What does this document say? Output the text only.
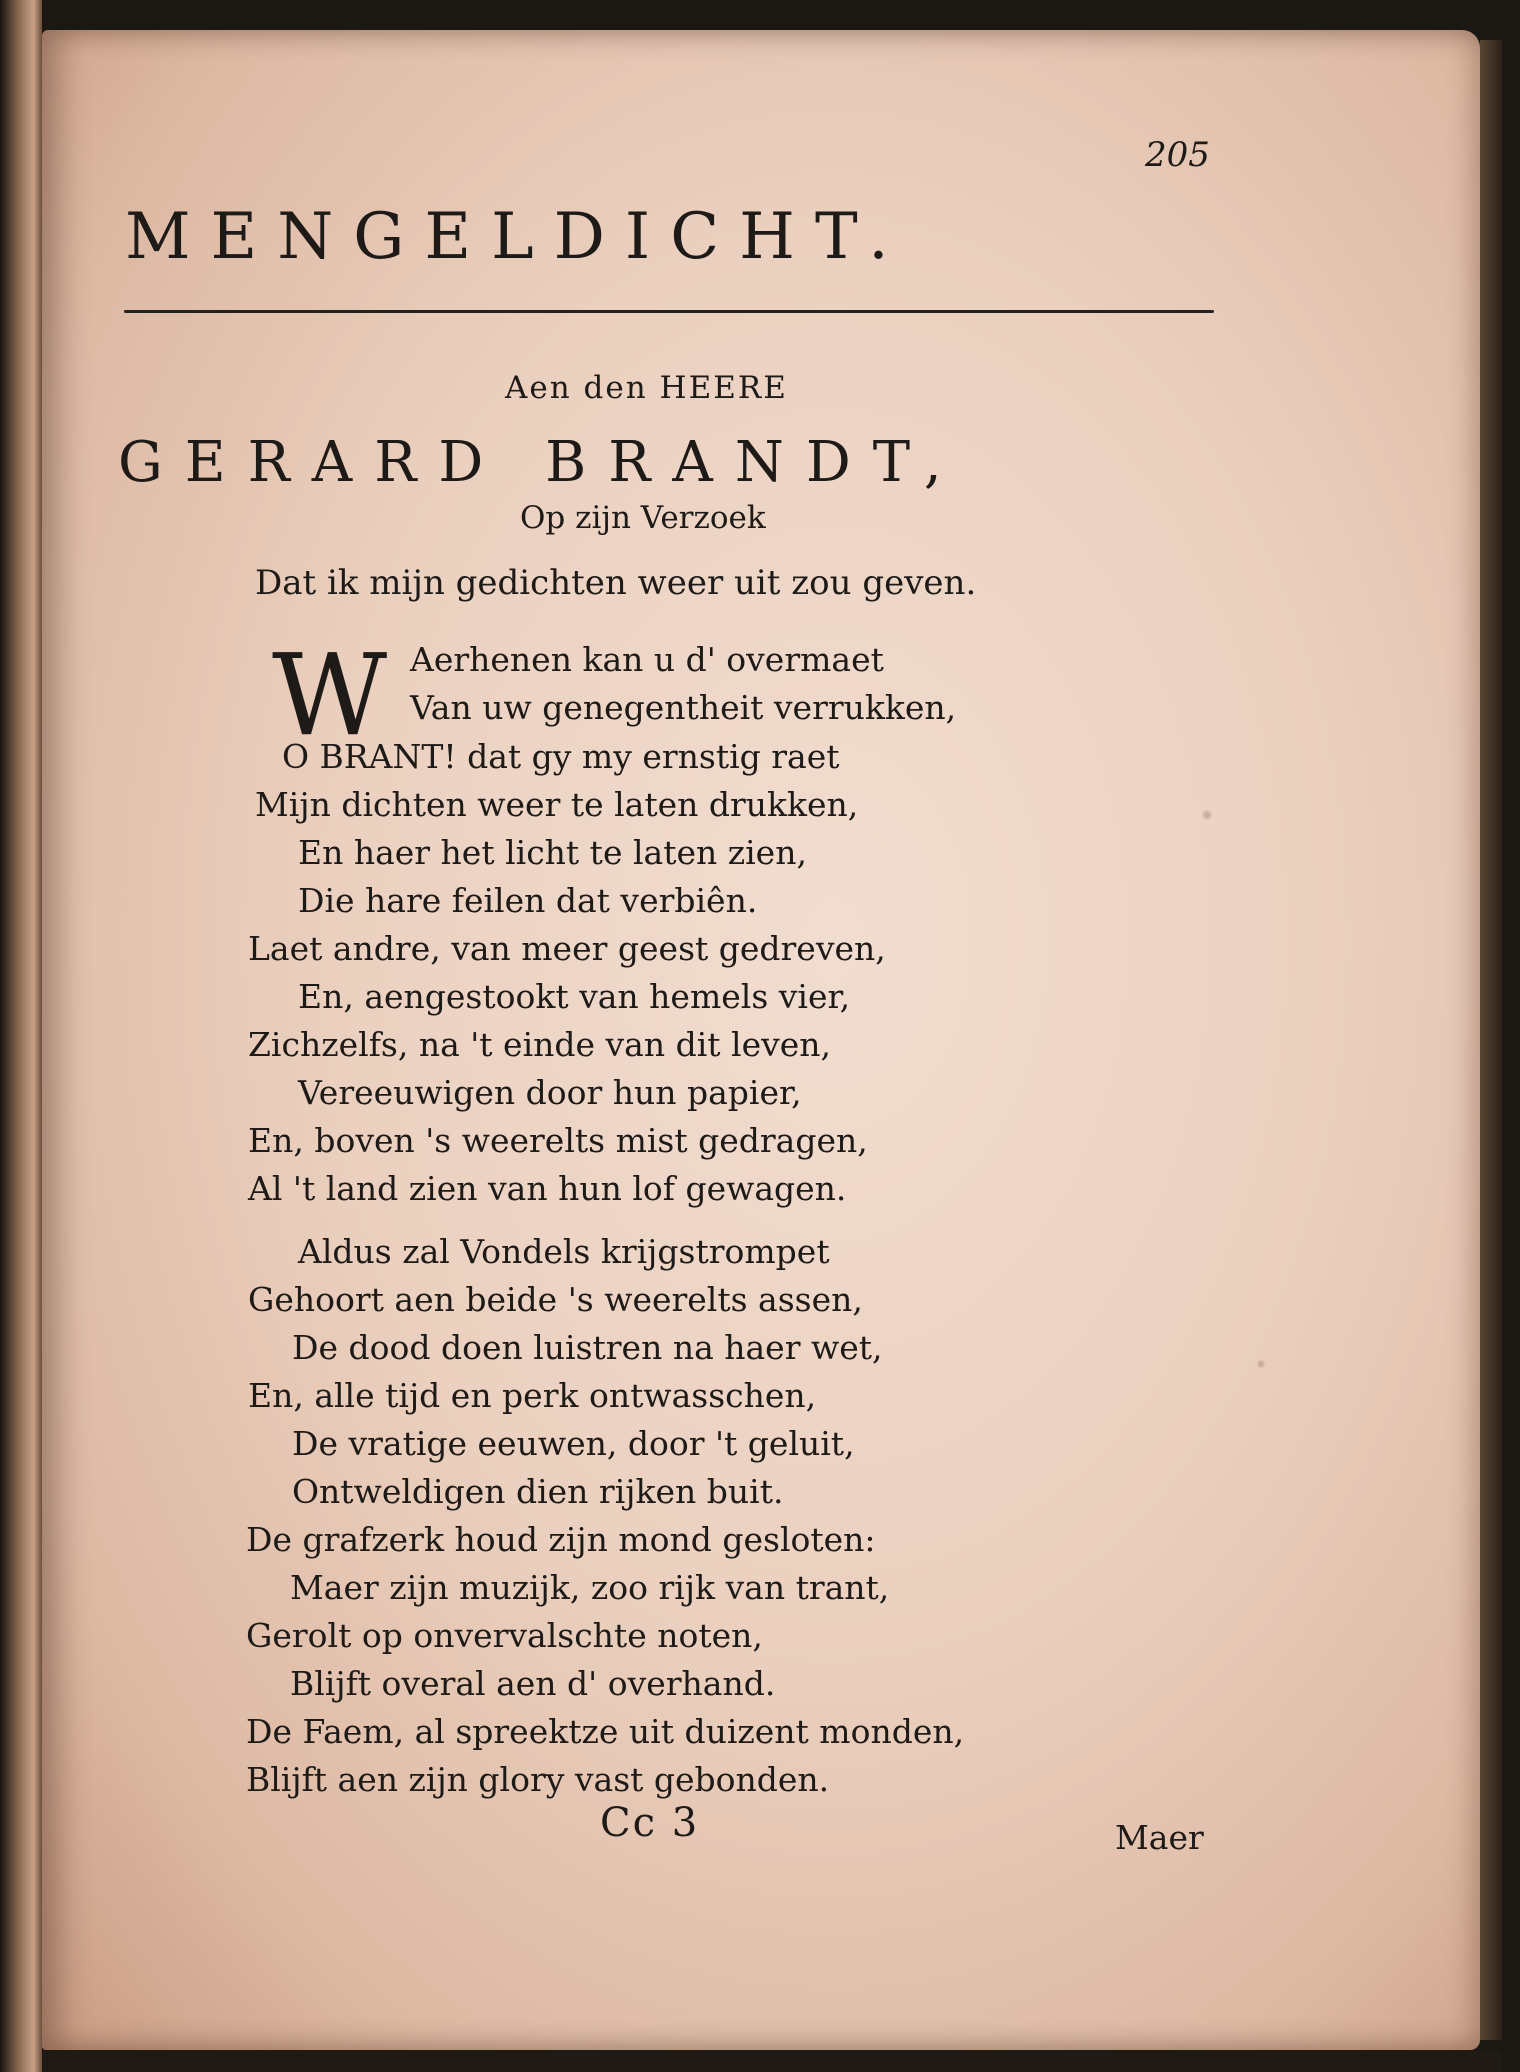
205
MENGELDICHT.
Aen den HEERE
GERARD BRANDT,
Op zijn Verzoek
Dat ik mijn gedichten weer uit zou geven.
W Aerhenen kan u d' overmaet
Van uw genegentheit verrukken,
O BRANT! dat gy my ernstig raet
Mijn dichten weer te laten drukken,
En haer het licht te laten zien,
Die hare feilen dat verbiên.
Laet andre, van meer geest gedreven,
En, aengestookt van hemels vier,
Zichzelfs, na 't einde van dit leven,
Vereeuwigen door hun papier,
En, boven 's weerelts mist gedragen,
Al 't land zien van hun lof gewagen.
Aldus zal Vondels krijgstrompet
Gehoort aen beide 's weerelts assen,
De dood doen luistren na haer wet,
En, alle tijd en perk ontwasschen,
De vratige eeuwen, door 't geluit,
Ontweldigen dien rijken buit.
De grafzerk houd zijn mond gesloten:
Maer zijn muzijk, zoo rijk van trant,
Gerolt op onvervalschte noten,
Blijft overal aen d' overhand.
De Faem, al spreektze uit duizent monden,
Blijft aen zijn glory vast gebonden.
Cc 3	Maer
